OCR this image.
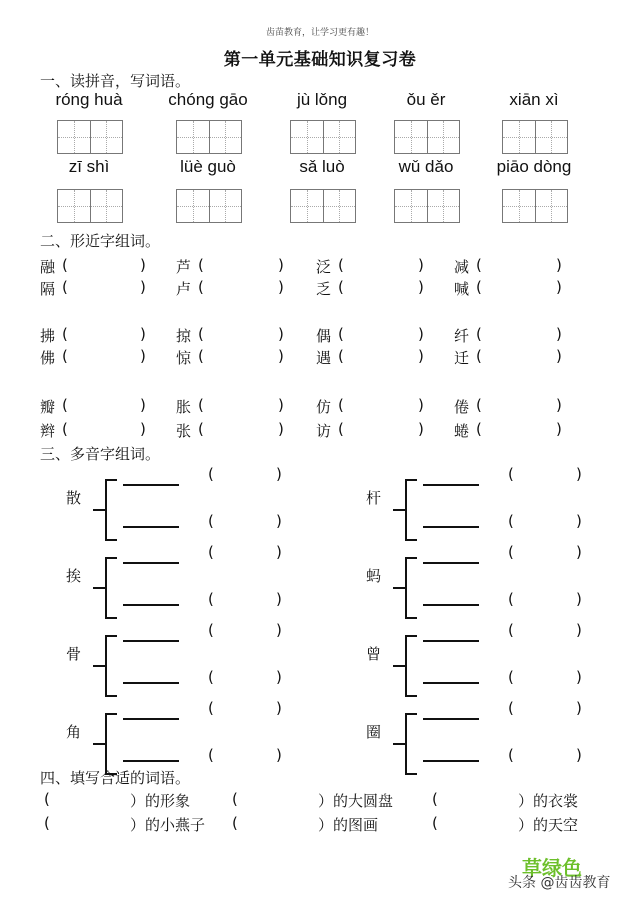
齿苗教育，让学习更有趣！
第一单元基础知识复习卷
一、读拼音，写词语。
róng huà	chóng gāo	jù lǒng	ǒu ěr	xiān xì
zī shì	lüè guò	sǎ luò	wǔ dǎo	piāo dòng
二、形近字组词。
融 (	) 芦 (	) 泛 (	) 减 (	)
隔 (	) 卢 (	) 乏 (	) 喊 (	)
拂 (	) 掠 (	) 偶 (	) 纤 (	)
佛 (	) 惊 (	) 遇 (	) 迁 (	)
瓣 (	) 胀 (	) 仿 (	) 倦 (	)
辫 (	) 张 (	) 访 (	) 蜷 (	)
三、多音字组词。
散
(	)
(	)
挨
(	)
(	)
骨
(	)
(	)
角
(	)
(	)
杆
(	)
(	)
蚂
(	)
(	)
曾
(	)
(	)
圈
(	)
(	)
四、填写合适的词语。
(	）的形象	(	）的大圆盘	(	）的衣裳
(	）的小燕子 (	）的图画	(	）的天空
草绿色
头条 @齿齿教育
